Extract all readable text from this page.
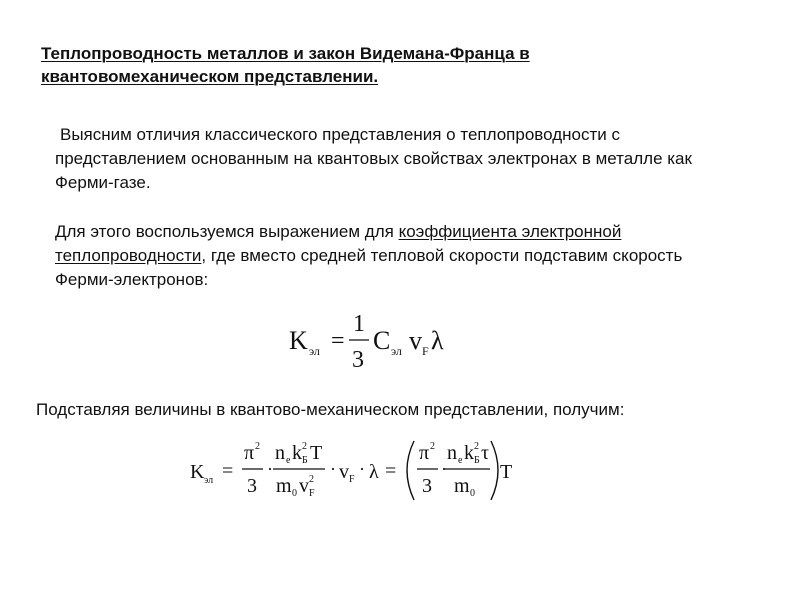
Теплопроводность металлов и закон Видемана-Франца в квантовомеханическом представлении.
Выясним отличия классического представления о теплопроводности с представлением основанным на квантовых свойствах электронах в металле как Ферми-газе.
Для этого воспользуемся выражением для коэффициента электронной теплопроводности, где вместо средней тепловой скорости подставим скорость Ферми-электронов:
K эл =
1
3
C эл v F λ
Подставляя величины в квантово-механическом представлении, получим:
K эл =
π 2
3
·
n e k 2
Б T
m 0 v 2
F
· v F
· λ =
π 2
3
·
n e k 2
Б τ
m 0
T
